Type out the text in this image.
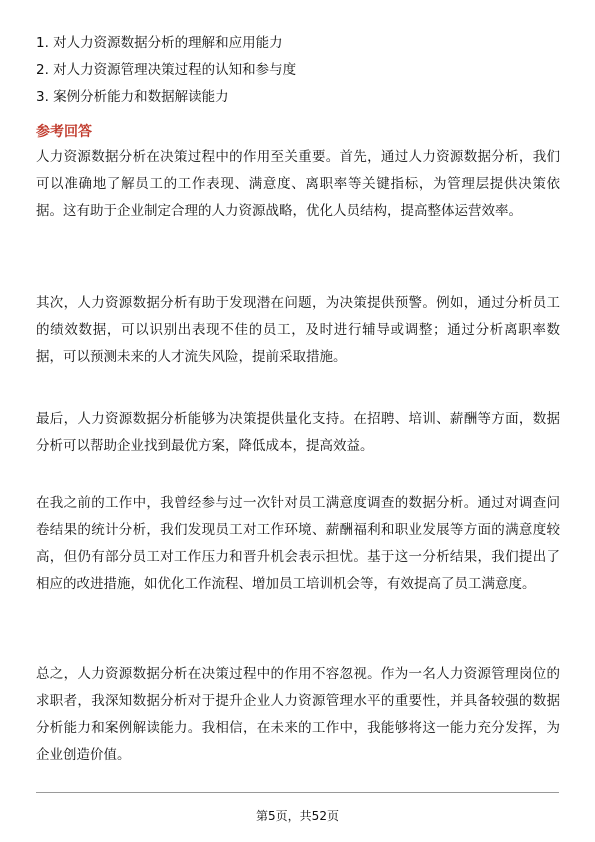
1. 对人力资源数据分析的理解和应用能力
2. 对人力资源管理决策过程的认知和参与度
3. 案例分析能力和数据解读能力
参考回答

人力资源数据分析在决策过程中的作用至关重要。首先，通过人力资源数据分析，我们可以准确地了解员工的工作表现、满意度、离职率等关键指标，为管理层提供决策依据。这有助于企业制定合理的人力资源战略，优化人员结构，提高整体运营效率。

其次，人力资源数据分析有助于发现潜在问题，为决策提供预警。例如，通过分析员工的绩效数据，可以识别出表现不佳的员工，及时进行辅导或调整；通过分析离职率数据，可以预测未来的人才流失风险，提前采取措施。

最后，人力资源数据分析能够为决策提供量化支持。在招聘、培训、薪酬等方面，数据分析可以帮助企业找到最优方案，降低成本，提高效益。

在我之前的工作中，我曾经参与过一次针对员工满意度调查的数据分析。通过对调查问卷结果的统计分析，我们发现员工对工作环境、薪酬福利和职业发展等方面的满意度较高，但仍有部分员工对工作压力和晋升机会表示担忧。基于这一分析结果，我们提出了相应的改进措施，如优化工作流程、增加员工培训机会等，有效提高了员工满意度。

总之，人力资源数据分析在决策过程中的作用不容忽视。作为一名人力资源管理岗位的求职者，我深知数据分析对于提升企业人力资源管理水平的重要性，并具备较强的数据分析能力和案例解读能力。我相信，在未来的工作中，我能够将这一能力充分发挥，为企业创造价值。

第5页，共52页
